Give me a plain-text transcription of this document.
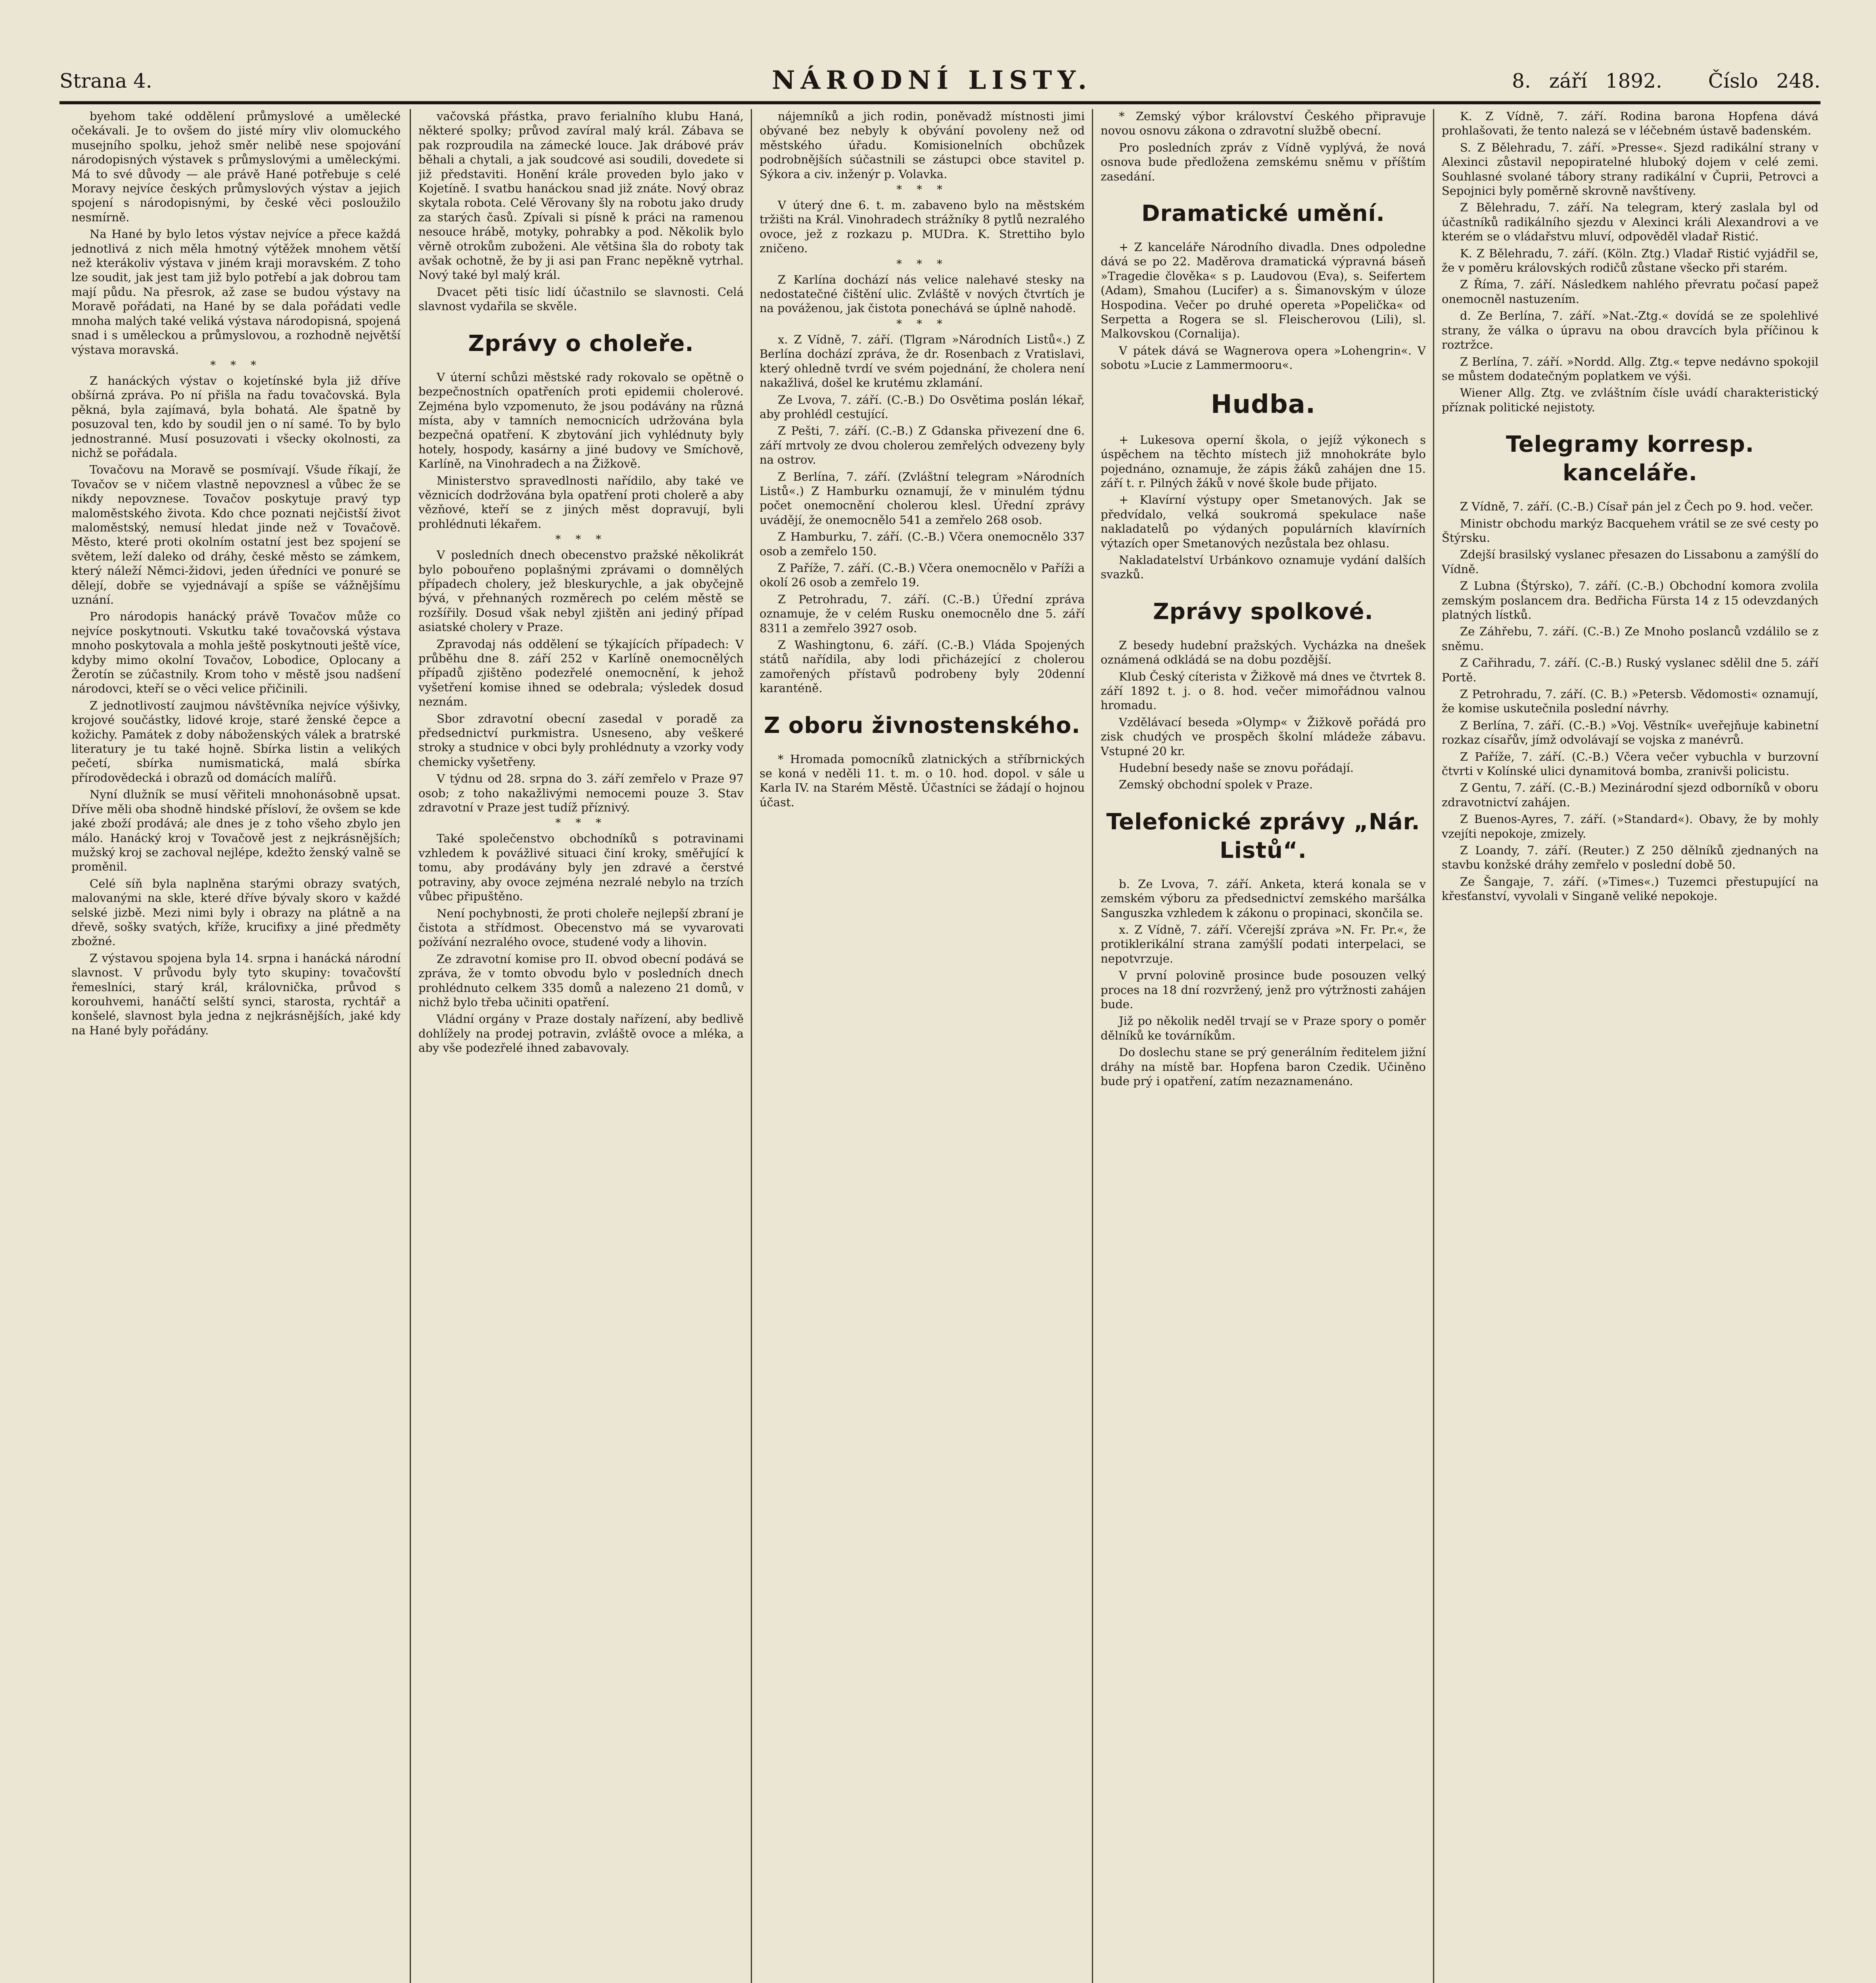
Strana 4.	NÁRODNÍ LISTY.	8. září 1892. Číslo 248.

byehom také oddělení průmyslové a umělecké očekávali. Je to ovšem do jisté míry vliv olomuckého musejního spolku, jehož směr nelibě nese spojování národopisných výstavek s průmyslovými a uměleckými. Má to své důvody — ale právě Hané potřebuje s celé Moravy nejvíce českých průmyslových výstav a jejich spojení s národopisnými, by české věci posloužilo nesmírně.

Na Hané by bylo letos výstav nejvíce a přece každá jednotlivá z nich měla hmotný výtěžek mnohem větší než kterákoliv výstava v jiném kraji moravském. Z toho lze soudit, jak jest tam již bylo potřebí a jak dobrou tam mají půdu. Na přesrok, až zase se budou výstavy na Moravě pořádati, na Hané by se dala pořádati vedle mnoha malých také veliká výstava národopisná, spojená snad i s uměleckou a průmyslovou, a rozhodně největší výstava moravská.

* * *

Z hanáckých výstav o kojetínské byla již dříve obšírná zpráva. Po ní přišla na řadu tovačovská. Byla pěkná, byla zajímavá, byla bohatá. Ale špatně by posuzoval ten, kdo by soudil jen o ní samé. To by bylo jednostranné. Musí posuzovati i všecky okolnosti, za nichž se pořádala.

Tovačovu na Moravě se posmívají. Všude říkají, že Tovačov se v ničem vlastně nepovznesl a vůbec že se nikdy nepovznese. Tovačov poskytuje pravý typ maloměstského života. Kdo chce poznati nejčistší život maloměstský, nemusí hledat jinde než v Tovačově. Město, které proti okolním ostatní jest bez spojení se světem, leží daleko od dráhy, české město se zámkem, který náleží Němci-židovi, jeden úředníci ve ponuré se dělejí, dobře se vyjednávají a spíše se vážnějšímu uznání.

Pro národopis hanácký právě Tovačov může co nejvíce poskytnouti. Vskutku také tovačovská výstava mnoho poskytovala a mohla ještě poskytnouti ještě více, kdyby mimo okolní Tovačov, Lobodice, Oplocany a Žerotín se zúčastnily. Krom toho v městě jsou nadšení národovci, kteří se o věci velice přičinili.

Z jednotlivostí zaujmou návštěvníka nejvíce výšivky, krojové součástky, lidové kroje, staré ženské čepce a kožichy. Památek z doby náboženských válek a bratrské literatury je tu také hojně. Sbírka listin a velikých pečetí, sbírka numismatická, malá sbírka přírodovědecká i obrazů od domácích malířů.

Nyní dlužník se musí věřiteli mnohonásobně upsat. Dříve měli oba shodně hindské přísloví, že ovšem se kde jaké zboží prodává; ale dnes je z toho všeho zbylo jen málo. Hanácký kroj v Tovačově jest z nejkrásnějších; mužský kroj se zachoval nejlépe, kdežto ženský valně se proměnil.

Celé síň byla naplněna starými obrazy svatých, malovanými na skle, které dříve bývaly skoro v každé selské jizbě. Mezi nimi byly i obrazy na plátně a na dřevě, sošky svatých, kříže, krucifixy a jiné předměty zbožné.

Z výstavou spojena byla 14. srpna i hanácká národní slavnost. V průvodu byly tyto skupiny: tovačovští řemeslníci, starý král, královnička, průvod s korouhvemi, hanáčtí selští synci, starosta, rychtář a konšelé, slavnost byla jedna z nejkrásnějších, jaké kdy na Hané byly pořádány.

vačovská přástka, pravo ferialního klubu Haná, některé spolky; průvod zavíral malý král. Zábava se pak rozproudila na zámecké louce. Jak drábové práv běhali a chytali, a jak soudcové asi soudili, dovedete si již představiti. Honění krále proveden bylo jako v Kojetíně. I svatbu hanáckou snad již znáte. Nový obraz skytala robota. Celé Věrovany šly na robotu jako drudy za starých časů. Zpívali si písně k práci na ramenou nesouce hrábě, motyky, pohrabky a pod. Několik bylo věrně otrokům zuboženi. Ale většina šla do roboty tak avšak ochotně, že by ji asi pan Franc nepěkně vytrhal. Nový také byl malý král.

Dvacet pěti tisíc lidí účastnilo se slavnosti. Celá slavnost vydařila se skvěle.

Zprávy o choleře.

V úterní schůzi městské rady rokovalo se opětně o bezpečnostních opatřeních proti epidemii cholerové. Zejména bylo vzpomenuto, že jsou podávány na různá místa, aby v tamních nemocnicích udržována byla bezpečná opatření. K zbytování jich vyhlédnuty byly hotely, hospody, kasárny a jiné budovy ve Smíchově, Karlíně, na Vinohradech a na Žižkově.

Ministerstvo spravedlnosti nařídilo, aby také ve věznicích dodržována byla opatření proti cholerě a aby vězňové, kteří se z jiných měst dopravují, byli prohlédnuti lékařem.

* * *

V posledních dnech obecenstvo pražské několikrát bylo pobouřeno poplašnými zprávami o domnělých případech cholery, jež bleskurychle, a jak obyčejně bývá, v přehnaných rozměrech po celém městě se rozšířily. Dosud však nebyl zjištěn ani jediný případ asiatské cholery v Praze.

Zpravodaj nás oddělení se týkajících případech: V průběhu dne 8. září 252 v Karlíně onemocnělých případů zjištěno podezřelé onemocnění, k jehož vyšetření komise ihned se odebrala; výsledek dosud neznám.

Sbor zdravotní obecní zasedal v poradě za předsednictví purkmistra. Usneseno, aby veškeré stroky a studnice v obci byly prohlédnuty a vzorky vody chemicky vyšetřeny.

V týdnu od 28. srpna do 3. září zemřelo v Praze 97 osob; z toho nakažlivými nemocemi pouze 3. Stav zdravotní v Praze jest tudíž příznivý.

* * *

Také společenstvo obchodníků s potravinami vzhledem k povážlivé situaci činí kroky, směřující k tomu, aby prodávány byly jen zdravé a čerstvé potraviny, aby ovoce zejména nezralé nebylo na trzích vůbec připuštěno.

Není pochybnosti, že proti choleře nejlepší zbraní je čistota a střídmost. Obecenstvo má se vyvarovati požívání nezralého ovoce, studené vody a lihovin.

Ze zdravotní komise pro II. obvod obecní podává se zpráva, že v tomto obvodu bylo v posledních dnech prohlédnuto celkem 335 domů a nalezeno 21 domů, v nichž bylo třeba učiniti opatření.

Vládní orgány v Praze dostaly nařízení, aby bedlivě dohlížely na prodej potravin, zvláště ovoce a mléka, a aby vše podezřelé ihned zabavovaly.

nájemníků a jich rodin, poněvadž místnosti jimi obývané bez nebyly k obývání povoleny než od městského úřadu. Komisionelních obchůzek podrobnějších súčastnili se zástupci obce stavitel p. Sýkora a civ. inženýr p. Volavka.

* * *

V úterý dne 6. t. m. zabaveno bylo na městském tržišti na Král. Vinohradech strážníky 8 pytlů nezralého ovoce, jež z rozkazu p. MUDra. K. Strettiho bylo zničeno.

* * *

Z Karlína dochází nás velice nalehavé stesky na nedostatečné čištění ulic. Zvláště v nových čtvrtích je na pováženou, jak čistota ponechává se úplně nahodě.

* * *

x. Z Vídně, 7. září. (Tlgram »Národních Listů«.) Z Berlína dochází zpráva, že dr. Rosenbach z Vratislavi, který ohledně tvrdí ve svém pojednání, že cholera není nakažlivá, došel ke krutému zklamání.

Ze Lvova, 7. září. (C.-B.) Do Osvětima poslán lékař, aby prohlédl cestující.

Z Pešti, 7. září. (C.-B.) Z Gdanska přivezení dne 6. září mrtvoly ze dvou cholerou zemřelých odvezeny byly na ostrov.

Z Berlína, 7. září. (Zvláštní telegram »Národních Listů«.) Z Hamburku oznamují, že v minulém týdnu počet onemocnění cholerou klesl. Úřední zprávy uvádějí, že onemocnělo 541 a zemřelo 268 osob.

Z Hamburku, 7. září. (C.-B.) Včera onemocnělo 337 osob a zemřelo 150.

Z Paříže, 7. září. (C.-B.) Včera onemocnělo v Paříži a okolí 26 osob a zemřelo 19.

Z Petrohradu, 7. září. (C.-B.) Úřední zpráva oznamuje, že v celém Rusku onemocnělo dne 5. září 8311 a zemřelo 3927 osob.

Z Washingtonu, 6. září. (C.-B.) Vláda Spojených států nařídila, aby lodi přicházející z cholerou zamořených přístavů podrobeny byly 20denní karanténě.

Z oboru živnostenského.

* Hromada pomocníků zlatnických a stříbrnických se koná v neděli 11. t. m. o 10. hod. dopol. v sále u Karla IV. na Starém Městě. Účastníci se žádají o hojnou účast.

* Zemský výbor království Českého připravuje novou osnovu zákona o zdravotní službě obecní.

Pro posledních zpráv z Vídně vyplývá, že nová osnova bude předložena zemskému sněmu v příštím zasedání.

Dramatické umění.

+ Z kanceláře Národního divadla. Dnes odpoledne dává se po 22. Maděrova dramatická výpravná báseň »Tragedie člověka« s p. Laudovou (Eva), s. Seifertem (Adam), Smahou (Lucifer) a s. Šimanovským v úloze Hospodina. Večer po druhé opereta »Popelička« od Serpetta a Rogera se sl. Fleischerovou (Lili), sl. Malkovskou (Cornalija).

V pátek dává se Wagnerova opera »Lohengrin«. V sobotu »Lucie z Lammermooru«.

Hudba.

+ Lukesova operní škola, o jejíž výkonech s úspěchem na těchto místech již mnohokráte bylo pojednáno, oznamuje, že zápis žáků zahájen dne 15. září t. r. Pilných žáků v nové škole bude přijato.

+ Klavírní výstupy oper Smetanových. Jak se předvídalo, velká soukromá spekulace naše nakladatelů po výdaných populárních klavírních výtazích oper Smetanových nezůstala bez ohlasu.

Nakladatelství Urbánkovo oznamuje vydání dalších svazků.

Zprávy spolkové.

Z besedy hudební pražských. Vycházka na dnešek oznámená odkládá se na dobu pozdější.

Klub Český cíterista v Žižkově má dnes ve čtvrtek 8. září 1892 t. j. o 8. hod. večer mimořádnou valnou hromadu.

Vzdělávací beseda »Olymp« v Žižkově pořádá pro zisk chudých ve prospěch školní mládeže zábavu. Vstupné 20 kr.

Hudební besedy naše se znovu pořádají.

Zemský obchodní spolek v Praze.

Telefonické zprávy „Nár. Listů“.

b. Ze Lvova, 7. září. Anketa, která konala se v zemském výboru za předsednictví zemského maršálka Sanguszka vzhledem k zákonu o propinaci, skončila se.

x. Z Vídně, 7. září. Včerejší zpráva »N. Fr. Pr.«, že protiklerikální strana zamýšlí podati interpelaci, se nepotvrzuje.

V první polovině prosince bude posouzen velký proces na 18 dní rozvržený, jenž pro výtržnosti zahájen bude.

Již po několik neděl trvají se v Praze spory o poměr dělníků ke továrníkům.

Do doslechu stane se prý generálním ředitelem jižní dráhy na místě bar. Hopfena baron Czedik. Učiněno bude prý i opatření, zatím nezaznamenáno.

K. Z Vídně, 7. září. Rodina barona Hopfena dává prohlašovati, že tento nalezá se v léčebném ústavě badenském.

S. Z Bělehradu, 7. září. »Presse«. Sjezd radikální strany v Alexinci zůstavil nepopiratelné hluboký dojem v celé zemi. Souhlasné svolané tábory strany radikální v Čuprii, Petrovci a Sepojnici byly poměrně skrovně navštíveny.

Z Bělehradu, 7. září. Na telegram, který zaslala byl od účastníků radikálního sjezdu v Alexinci králi Alexandrovi a ve kterém se o vládařstvu mluví, odpověděl vladař Ristić.

K. Z Bělehradu, 7. září. (Köln. Ztg.) Vladař Ristić vyjádřil se, že v poměru královských rodičů zůstane všecko při starém.

Z Říma, 7. září. Následkem nahlého převratu počasí papež onemocněl nastuzením.

d. Ze Berlína, 7. září. »Nat.-Ztg.« dovídá se ze spolehlivé strany, že válka o úpravu na obou dravcích byla příčinou k roztržce.

Z Berlína, 7. září. »Nordd. Allg. Ztg.« tepve nedávno spokojil se můstem dodatečným poplatkem ve výši.

Wiener Allg. Ztg. ve zvláštním čísle uvádí charakteristický příznak politické nejistoty.

Telegramy korresp. kanceláře.

Z Vídně, 7. září. (C.-B.) Císař pán jel z Čech po 9. hod. večer.

Ministr obchodu markýz Bacquehem vrátil se ze své cesty po Štýrsku.

Zdejší brasilský vyslanec přesazen do Lissabonu a zamýšlí do Vídně.

Z Lubna (Štýrsko), 7. září. (C.-B.) Obchodní komora zvolila zemským poslancem dra. Bedřicha Fürsta 14 z 15 odevzdaných platných lístků.

Ze Záhřebu, 7. září. (C.-B.) Ze Mnoho poslanců vzdálilo se z sněmu.

Z Cařihradu, 7. září. (C.-B.) Ruský vyslanec sdělil dne 5. září Portě.

Z Petrohradu, 7. září. (C. B.) »Petersb. Vědomosti« oznamují, že komise uskutečnila poslední návrhy.

Z Berlína, 7. září. (C.-B.) »Voj. Věstník« uveřejňuje kabinetní rozkaz císařův, jímž odvolávají se vojska z manévrů.

Z Paříže, 7. září. (C.-B.) Včera večer vybuchla v burzovní čtvrti v Kolínské ulici dynamitová bomba, zranivši policistu.

Z Gentu, 7. září. (C.-B.) Mezinárodní sjezd odborníků v oboru zdravotnictví zahájen.

Z Buenos-Ayres, 7. září. (»Standard«). Obavy, že by mohly vzejíti nepokoje, zmizely.

Z Loandy, 7. září. (Reuter.) Z 250 dělníků zjednaných na stavbu konžské dráhy zemřelo v poslední době 50.

Ze Šangaje, 7. září. (»Times«.) Tuzemci přestupující na křesťanství, vyvolali v Singaně veliké nepokoje.
